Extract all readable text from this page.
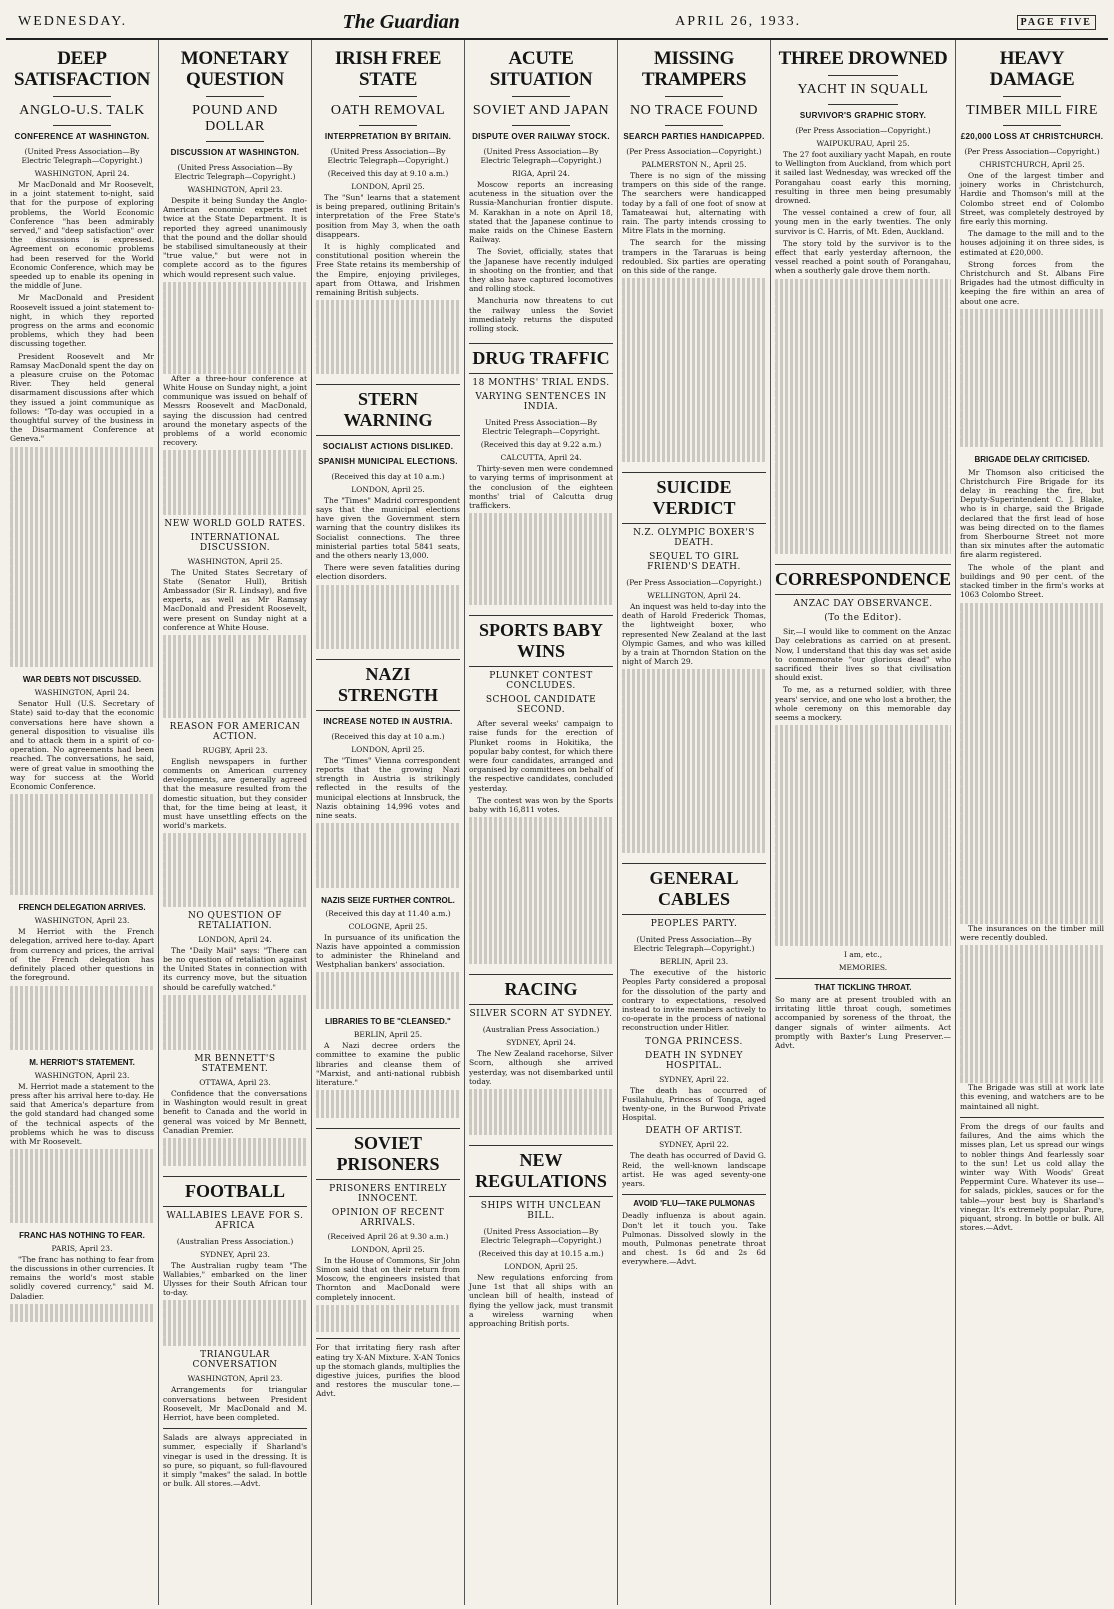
WEDNESDAY.	The Guardian	APRIL 26, 1933.	PAGE FIVE
DEEP SATISFACTION
ANGLO-U.S. TALK
CONFERENCE AT WASHINGTON.
(United Press Association—By Electric Telegraph—Copyright.)
WASHINGTON, April 24.

Mr MacDonald and Mr Roosevelt, in a joint statement to-night, said that for the purpose of exploring problems, the World Economic Conference "has been admirably served," and "deep satisfaction" over the discussions is expressed. Agreement on economic problems had been reserved for the World Economic Conference, which may be speeded up to enable its opening in the middle of June.

Mr MacDonald and President Roosevelt issued a joint statement to-night, in which they reported progress on the arms and economic problems, which they had been discussing together.

President Roosevelt and Mr Ramsay MacDonald spent the day on a pleasure cruise on the Potomac River. They held general disarmament discussions after which they issued a joint communique as follows: "To-day was occupied in a thoughtful survey of the business in the Disarmament Conference at Geneva."

WAR DEBTS NOT DISCUSSED.
WASHINGTON, April 24.

Senator Hull (U.S. Secretary of State) said to-day that the economic conversations here have shown a general disposition to visualise ills and to attack them in a spirit of co-operation. No agreements had been reached. The conversations, he said, were of great value in smoothing the way for success at the World Economic Conference.

FRENCH DELEGATION ARRIVES.
WASHINGTON, April 23.

M Herriot with the French delegation, arrived here to-day. Apart from currency and prices, the arrival of the French delegation has definitely placed other questions in the foreground.

M. HERRIOT'S STATEMENT.
WASHINGTON, April 23.

M. Herriot made a statement to the press after his arrival here to-day. He said that America's departure from the gold standard had changed some of the technical aspects of the problems which he was to discuss with Mr Roosevelt.

FRANC HAS NOTHING TO FEAR.
PARIS, April 23.

"The franc has nothing to fear from the discussions in other currencies. It remains the world's most stable solidly covered currency," said M. Daladier.

MONETARY QUESTION
POUND AND DOLLAR
DISCUSSION AT WASHINGTON.
(United Press Association—By Electric Telegraph—Copyright.)
WASHINGTON, April 23.

Despite it being Sunday the Anglo-American economic experts met twice at the State Department. It is reported they agreed unanimously that the pound and the dollar should be stabilised simultaneously at their "true value," but were not in complete accord as to the figures which would represent such value.

After a three-hour conference at White House on Sunday night, a joint communique was issued on behalf of Messrs Roosevelt and MacDonald, saying the discussion had centred around the monetary aspects of the problems of a world economic recovery.

NEW WORLD GOLD RATES.
INTERNATIONAL DISCUSSION.
WASHINGTON, April 25.

The United States Secretary of State (Senator Hull), British Ambassador (Sir R. Lindsay), and five experts, as well as Mr Ramsay MacDonald and President Roosevelt, were present on Sunday night at a conference at White House.

REASON FOR AMERICAN ACTION.
RUGBY, April 23.

English newspapers in further comments on American currency developments, are generally agreed that the measure resulted from the domestic situation, but they consider that, for the time being at least, it must have unsettling effects on the world's markets.

NO QUESTION OF RETALIATION.
LONDON, April 24.

The "Daily Mail" says: "There can be no question of retaliation against the United States in connection with its currency move, but the situation should be carefully watched."

MR BENNETT'S STATEMENT.
OTTAWA, April 23.

Confidence that the conversations in Washington would result in great benefit to Canada and the world in general was voiced by Mr Bennett, Canadian Premier.

FOOTBALL
WALLABIES LEAVE FOR S. AFRICA
(Australian Press Association.)
SYDNEY, April 23.

The Australian rugby team "The Wallabies," embarked on the liner Ulysses for their South African tour to-day.

TRIANGULAR CONVERSATION
WASHINGTON, April 23.

Arrangements for triangular conversations between President Roosevelt, Mr MacDonald and M. Herriot, have been completed.

Salads are always appreciated in summer, especially if Sharland's vinegar is used in the dressing. It is so pure, so piquant, so full-flavoured it simply "makes" the salad. In bottle or bulk. All stores.—Advt.
IRISH FREE STATE
OATH REMOVAL
INTERPRETATION BY BRITAIN.
(United Press Association—By Electric Telegraph—Copyright.)
(Received this day at 9.10 a.m.)
LONDON, April 25.

The "Sun" learns that a statement is being prepared, outlining Britain's interpretation of the Free State's position from May 3, when the oath disappears.

It is highly complicated and constitutional position wherein the Free State retains its membership of the Empire, enjoying privileges, apart from Ottawa, and Irishmen remaining British subjects.

STERN WARNING
SOCIALIST ACTIONS DISLIKED.
SPANISH MUNICIPAL ELECTIONS.
(Received this day at 10 a.m.)
LONDON, April 25.

The "Times" Madrid correspondent says that the municipal elections have given the Government stern warning that the country dislikes its Socialist connections. The three ministerial parties total 5841 seats, and the others nearly 13,000.

There were seven fatalities during election disorders.

NAZI STRENGTH
INCREASE NOTED IN AUSTRIA.
(Received this day at 10 a.m.)
LONDON, April 25.

The "Times" Vienna correspondent reports that the growing Nazi strength in Austria is strikingly reflected in the results of the municipal elections at Innsbruck, the Nazis obtaining 14,996 votes and nine seats.

NAZIS SEIZE FURTHER CONTROL.
(Received this day at 11.40 a.m.)
COLOGNE, April 25.

In pursuance of its unification the Nazis have appointed a commission to administer the Rhineland and Westphalian bankers' association.

LIBRARIES TO BE "CLEANSED."
BERLIN, April 25.

A Nazi decree orders the committee to examine the public libraries and cleanse them of "Marxist, and anti-national rubbish literature."

SOVIET PRISONERS
PRISONERS ENTIRELY INNOCENT.
OPINION OF RECENT ARRIVALS.
(Received April 26 at 9.30 a.m.)
LONDON, April 25.

In the House of Commons, Sir John Simon said that on their return from Moscow, the engineers insisted that Thornton and MacDonald were completely innocent.

For that irritating fiery rash after eating try X-AN Mixture. X-AN Tonics up the stomach glands, multiplies the digestive juices, purifies the blood and restores the muscular tone.—Advt.
ACUTE SITUATION
SOVIET AND JAPAN
DISPUTE OVER RAILWAY STOCK.
(United Press Association—By Electric Telegraph—Copyright.)
RIGA, April 24.

Moscow reports an increasing acuteness in the situation over the Russia-Manchurian frontier dispute. M. Karakhan in a note on April 18, stated that the Japanese continue to make raids on the Chinese Eastern Railway.

The Soviet, officially, states that the Japanese have recently indulged in shooting on the frontier, and that they also have captured locomotives and rolling stock.

Manchuria now threatens to cut the railway unless the Soviet immediately returns the disputed rolling stock.

DRUG TRAFFIC
18 MONTHS' TRIAL ENDS.
VARYING SENTENCES IN INDIA.
United Press Association—By Electric Telegraph—Copyright.
(Received this day at 9.22 a.m.)
CALCUTTA, April 24.

Thirty-seven men were condemned to varying terms of imprisonment at the conclusion of the eighteen months' trial of Calcutta drug traffickers.

SPORTS BABY WINS
PLUNKET CONTEST CONCLUDES.
SCHOOL CANDIDATE SECOND.

After several weeks' campaign to raise funds for the erection of Plunket rooms in Hokitika, the popular baby contest, for which there were four candidates, arranged and organised by committees on behalf of the respective candidates, concluded yesterday.

The contest was won by the Sports baby with 16,811 votes.

RACING
SILVER SCORN AT SYDNEY.
(Australian Press Association.)
SYDNEY, April 24.

The New Zealand racehorse, Silver Scorn, although she arrived yesterday, was not disembarked until today.

NEW REGULATIONS
SHIPS WITH UNCLEAN BILL.
(United Press Association—By Electric Telegraph—Copyright.)
(Received this day at 10.15 a.m.)
LONDON, April 25.

New regulations enforcing from June 1st that all ships with an unclean bill of health, instead of flying the yellow jack, must transmit a wireless warning when approaching British ports.

MISSING TRAMPERS
NO TRACE FOUND
SEARCH PARTIES HANDICAPPED.
(Per Press Association—Copyright.)
PALMERSTON N., April 25.

There is no sign of the missing trampers on this side of the range. The searchers were handicapped today by a fall of one foot of snow at Tamateawai hut, alternating with rain. The party intends crossing to Mitre Flats in the morning.

The search for the missing trampers in the Tararuas is being redoubled. Six parties are operating on this side of the range.

SUICIDE VERDICT
N.Z. OLYMPIC BOXER'S DEATH.
SEQUEL TO GIRL FRIEND'S DEATH.
(Per Press Association—Copyright.)
WELLINGTON, April 24.

An inquest was held to-day into the death of Harold Frederick Thomas, the lightweight boxer, who represented New Zealand at the last Olympic Games, and who was killed by a train at Thorndon Station on the night of March 29.

GENERAL CABLES
PEOPLES PARTY.
(United Press Association—By Electric Telegraph—Copyright.)
BERLIN, April 23.

The executive of the historic Peoples Party considered a proposal for the dissolution of the party and contrary to expectations, resolved instead to invite members actively to co-operate in the process of national reconstruction under Hitler.

TONGA PRINCESS.
DEATH IN SYDNEY HOSPITAL.
SYDNEY, April 22.

The death has occurred of Fusilahulu, Princess of Tonga, aged twenty-one, in the Burwood Private Hospital.

DEATH OF ARTIST.
SYDNEY, April 22.

The death has occurred of David G. Reid, the well-known landscape artist. He was aged seventy-one years.

AVOID 'FLU—TAKE PULMONAS
Deadly influenza is about again. Don't let it touch you. Take Pulmonas. Dissolved slowly in the mouth, Pulmonas penetrate throat and chest. 1s 6d and 2s 6d everywhere.—Advt.
THREE DROWNED
YACHT IN SQUALL
SURVIVOR'S GRAPHIC STORY.
(Per Press Association—Copyright.)
WAIPUKURAU, April 25.

The 27 foot auxiliary yacht Mapah, en route to Wellington from Auckland, from which port it sailed last Wednesday, was wrecked off the Porangahau coast early this morning, resulting in three men being presumably drowned.

The vessel contained a crew of four, all young men in the early twenties. The only survivor is C. Harris, of Mt. Eden, Auckland.

The story told by the survivor is to the effect that early yesterday afternoon, the vessel reached a point south of Porangahau, when a southerly gale drove them north.

CORRESPONDENCE
ANZAC DAY OBSERVANCE.
(To the Editor).

Sir,—I would like to comment on the Anzac Day celebrations as carried on at present. Now, I understand that this day was set aside to commemorate "our glorious dead" who sacrificed their lives so that civilisation should exist.

To me, as a returned soldier, with three years' service, and one who lost a brother, the whole ceremony on this memorable day seems a mockery.

I am, etc.,
MEMORIES.
THAT TICKLING THROAT.
So many are at present troubled with an irritating little throat cough, sometimes accompanied by soreness of the throat, the danger signals of winter ailments. Act promptly with Baxter's Lung Preserver.—Advt.
HEAVY DAMAGE
TIMBER MILL FIRE
£20,000 LOSS AT CHRISTCHURCH.
(Per Press Association—Copyright.)
CHRISTCHURCH, April 25.

One of the largest timber and joinery works in Christchurch, Hardie and Thomson's mill at the Colombo street end of Colombo Street, was completely destroyed by fire early this morning.

The damage to the mill and to the houses adjoining it on three sides, is estimated at £20,000.

Strong forces from the Christchurch and St. Albans Fire Brigades had the utmost difficulty in keeping the fire within an area of about one acre.

BRIGADE DELAY CRITICISED.

Mr Thomson also criticised the Christchurch Fire Brigade for its delay in reaching the fire, but Deputy-Superintendent C. J. Blake, who is in charge, said the Brigade declared that the first lead of hose was being directed on to the flames from Sherbourne Street not more than six minutes after the automatic fire alarm registered.

The whole of the plant and buildings and 90 per cent. of the stacked timber in the firm's works at 1063 Colombo Street.

The insurances on the timber mill were recently doubled.

The Brigade was still at work late this evening, and watchers are to be maintained all night.

From the dregs of our faults and failures, And the aims which the misses plan, Let us spread our wings to nobler things And fearlessly soar to the sun! Let us cold allay the winter way With Woods' Great Peppermint Cure. Whatever its use—for salads, pickles, sauces or for the table—your best buy is Sharland's vinegar. It's extremely popular. Pure, piquant, strong. In bottle or bulk. All stores.—Advt.
